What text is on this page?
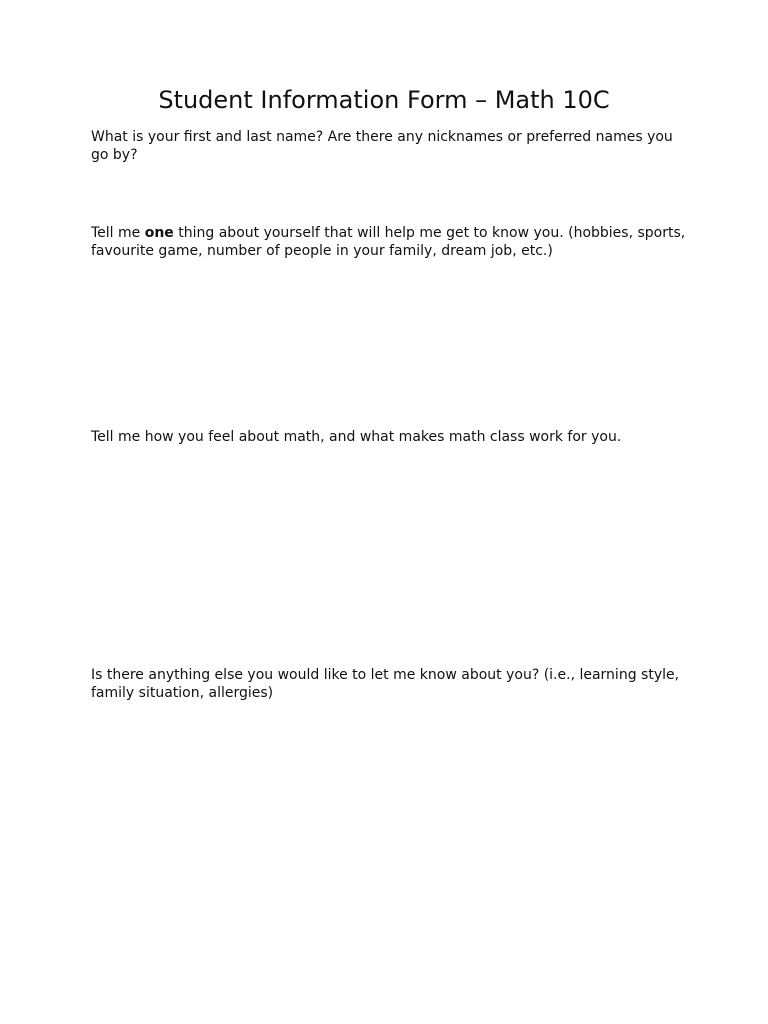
Student Information Form – Math 10C

What is your first and last name? Are there any nicknames or preferred names you go by?

Tell me one thing about yourself that will help me get to know you. (hobbies, sports, favourite game, number of people in your family, dream job, etc.)

Tell me how you feel about math, and what makes math class work for you.

Is there anything else you would like to let me know about you? (i.e., learning style, family situation, allergies)
